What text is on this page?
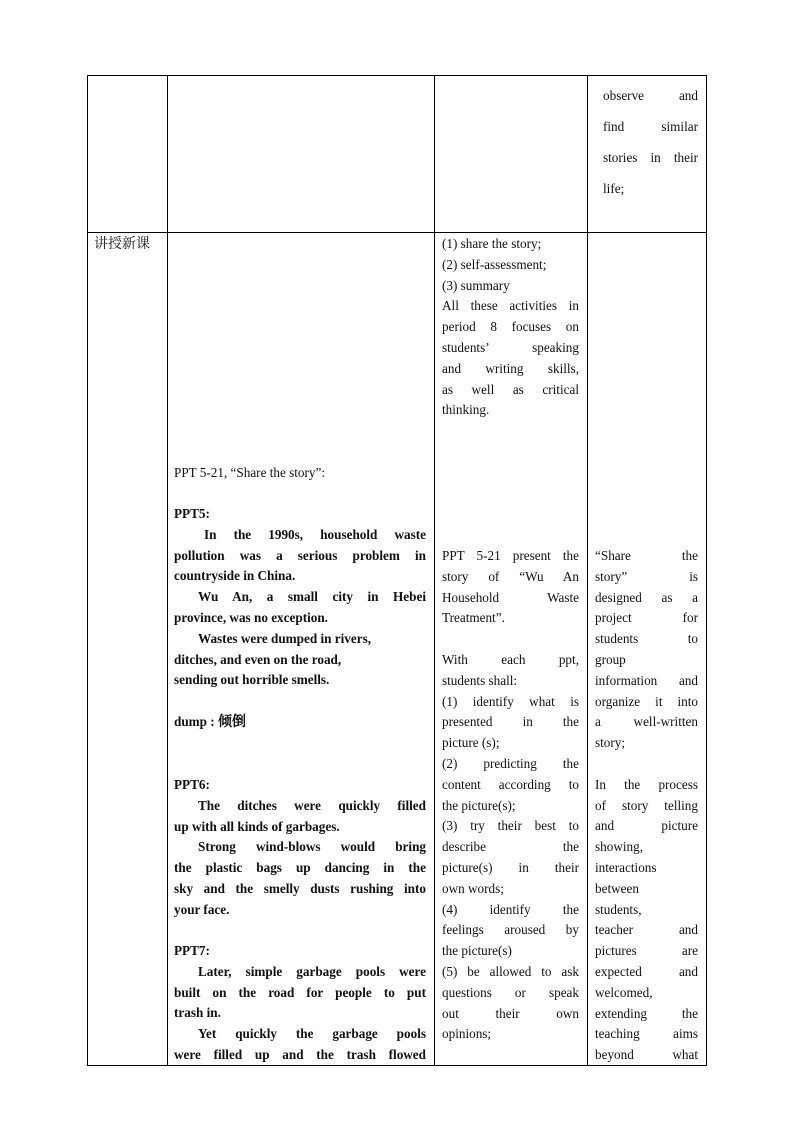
observe and
find similar
stories in their
life;
讲授新课	(1) share the story;
(2) self-assessment;
(3) summary
All these activities in
period 8 focuses on
students’ speaking
and writing skills,
as well as critical
thinking.
PPT 5-21, “Share the story”:
PPT5:
In the 1990s, household waste
pollution was a serious problem in
countryside in China.
Wu An, a small city in Hebei
province, was no exception.
Wastes were dumped in rivers,
ditches, and even on the road,
sending out horrible smells.
dump : 倾倒
PPT6:
The ditches were quickly filled
up with all kinds of garbages.
Strong wind-blows would bring
the plastic bags up dancing in the
sky and the smelly dusts rushing into
your face.
PPT7:
Later, simple garbage pools were
built on the road for people to put
trash in.
Yet quickly the garbage pools
were filled up and the trash flowed
PPT 5-21 present the
story of “Wu An
Household Waste
Treatment”.
With each ppt,
students shall:
(1) identify what is
presented in the
picture (s);
(2) predicting the
content according to
the picture(s);
(3) try their best to
describe the
picture(s) in their
own words;
(4) identify the
feelings aroused by
the picture(s)
(5) be allowed to ask
questions or speak
out their own
opinions;
“Share the
story” is
designed as a
project for
students to
group
information and
organize it into
a well-written
story;
In the process
of story telling
and picture
showing,
interactions
between
students,
teacher and
pictures are
expected and
welcomed,
extending the
teaching aims
beyond what
